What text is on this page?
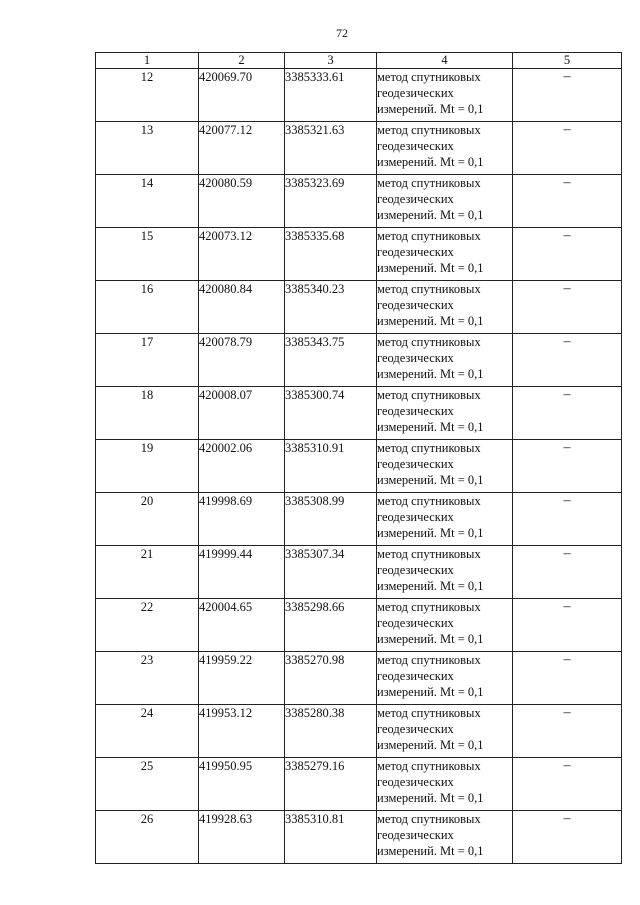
72
1	2	3	4	5
12	420069.70	3385333.61	метод спутниковых
геодезических
измерений. Mt = 0,1	–
13	420077.12	3385321.63	метод спутниковых
геодезических
измерений. Mt = 0,1	–
14	420080.59	3385323.69	метод спутниковых
геодезических
измерений. Mt = 0,1	–
15	420073.12	3385335.68	метод спутниковых
геодезических
измерений. Mt = 0,1	–
16	420080.84	3385340.23	метод спутниковых
геодезических
измерений. Mt = 0,1	–
17	420078.79	3385343.75	метод спутниковых
геодезических
измерений. Mt = 0,1	–
18	420008.07	3385300.74	метод спутниковых
геодезических
измерений. Mt = 0,1	–
19	420002.06	3385310.91	метод спутниковых
геодезических
измерений. Mt = 0,1	–
20	419998.69	3385308.99	метод спутниковых
геодезических
измерений. Mt = 0,1	–
21	419999.44	3385307.34	метод спутниковых
геодезических
измерений. Mt = 0,1	–
22	420004.65	3385298.66	метод спутниковых
геодезических
измерений. Mt = 0,1	–
23	419959.22	3385270.98	метод спутниковых
геодезических
измерений. Mt = 0,1	–
24	419953.12	3385280.38	метод спутниковых
геодезических
измерений. Mt = 0,1	–
25	419950.95	3385279.16	метод спутниковых
геодезических
измерений. Mt = 0,1	–
26	419928.63	3385310.81	метод спутниковых
геодезических
измерений. Mt = 0,1	–
